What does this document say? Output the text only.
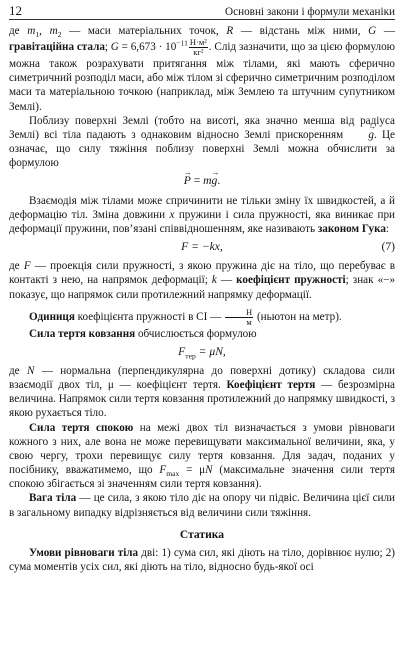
12	Основні закони і формули механіки

де $m_1$, $m_2$ — маси матеріальних точок, R — відстань між ними, G — гравітаційна стала; $G = 6,673 \cdot 10^{-11} \frac{\text{Н·м²}}{\text{кг²}}$ . Слід зазначити, що за цією формулою можна також розрахувати притягання між тілами, які мають сферично симетричний розподіл маси, або між тілом зі сферично симетричним розподілом маси та матеріальною точкою (наприклад, між Землею та штучним супутником Землі).

Поблизу поверхні Землі (тобто на висоті, яка значно менша від радіуса Землі) всі тіла падають з однаковим відносно Землі прискоренням → g. Це означає, що силу тяжіння поблизу поверхні Землі можна обчислити за формулою

→ P = m→ g.

Взаємодія між тілами може спричинити не тільки зміну їх швидкостей, а й деформацію тіл. Зміна довжини x пружини і сила пружності, яка виникає при деформації пружини, пов’язані співвідношенням, яке називають законом Гука:

F = −kx,	(7)

де F — проекція сили пружності, з якою пружина діє на тіло, що перебуває в контакті з нею, на напрямок деформації; k — коефіцієнт пружності; знак «−» показує, що напрямок сили протилежний напрямку деформації.

Одиниця коефіцієнта пружності в СІ — $\frac{Н}{м}$ (ньютон на метр).

Сила тертя ковзання обчислюється формулою

$F_{тер} = \mu N$,

де N — нормальна (перпендикулярна до поверхні дотику) складова сили взаємодії двох тіл, μ — коефіцієнт тертя. Коефіцієнт тертя — безрозмірна величина. Напрямок сили тертя ковзання протилежний до напрямку швидкості, з якою рухається тіло.

Сила тертя спокою на межі двох тіл визначається з умови рівноваги кожного з них, але вона не може перевищувати максимальної величини, яка, у свою чергу, трохи перевищує силу тертя ковзання. Для задач, поданих у посібнику, вважатимемо, що $F_{max} = \mu N$ (максимальне значення сили тертя спокою збігається зі значенням сили тертя ковзання).

Вага тіла — це сила, з якою тіло діє на опору чи підвіс. Величина цієї сили в загальному випадку відрізняється від величини сили тяжіння.

Статика

Умови рівноваги тіла дві: 1) сума сил, які діють на тіло, дорівнює нулю; 2) сума моментів усіх сил, які діють на тіло, відносно будь-якої осі
